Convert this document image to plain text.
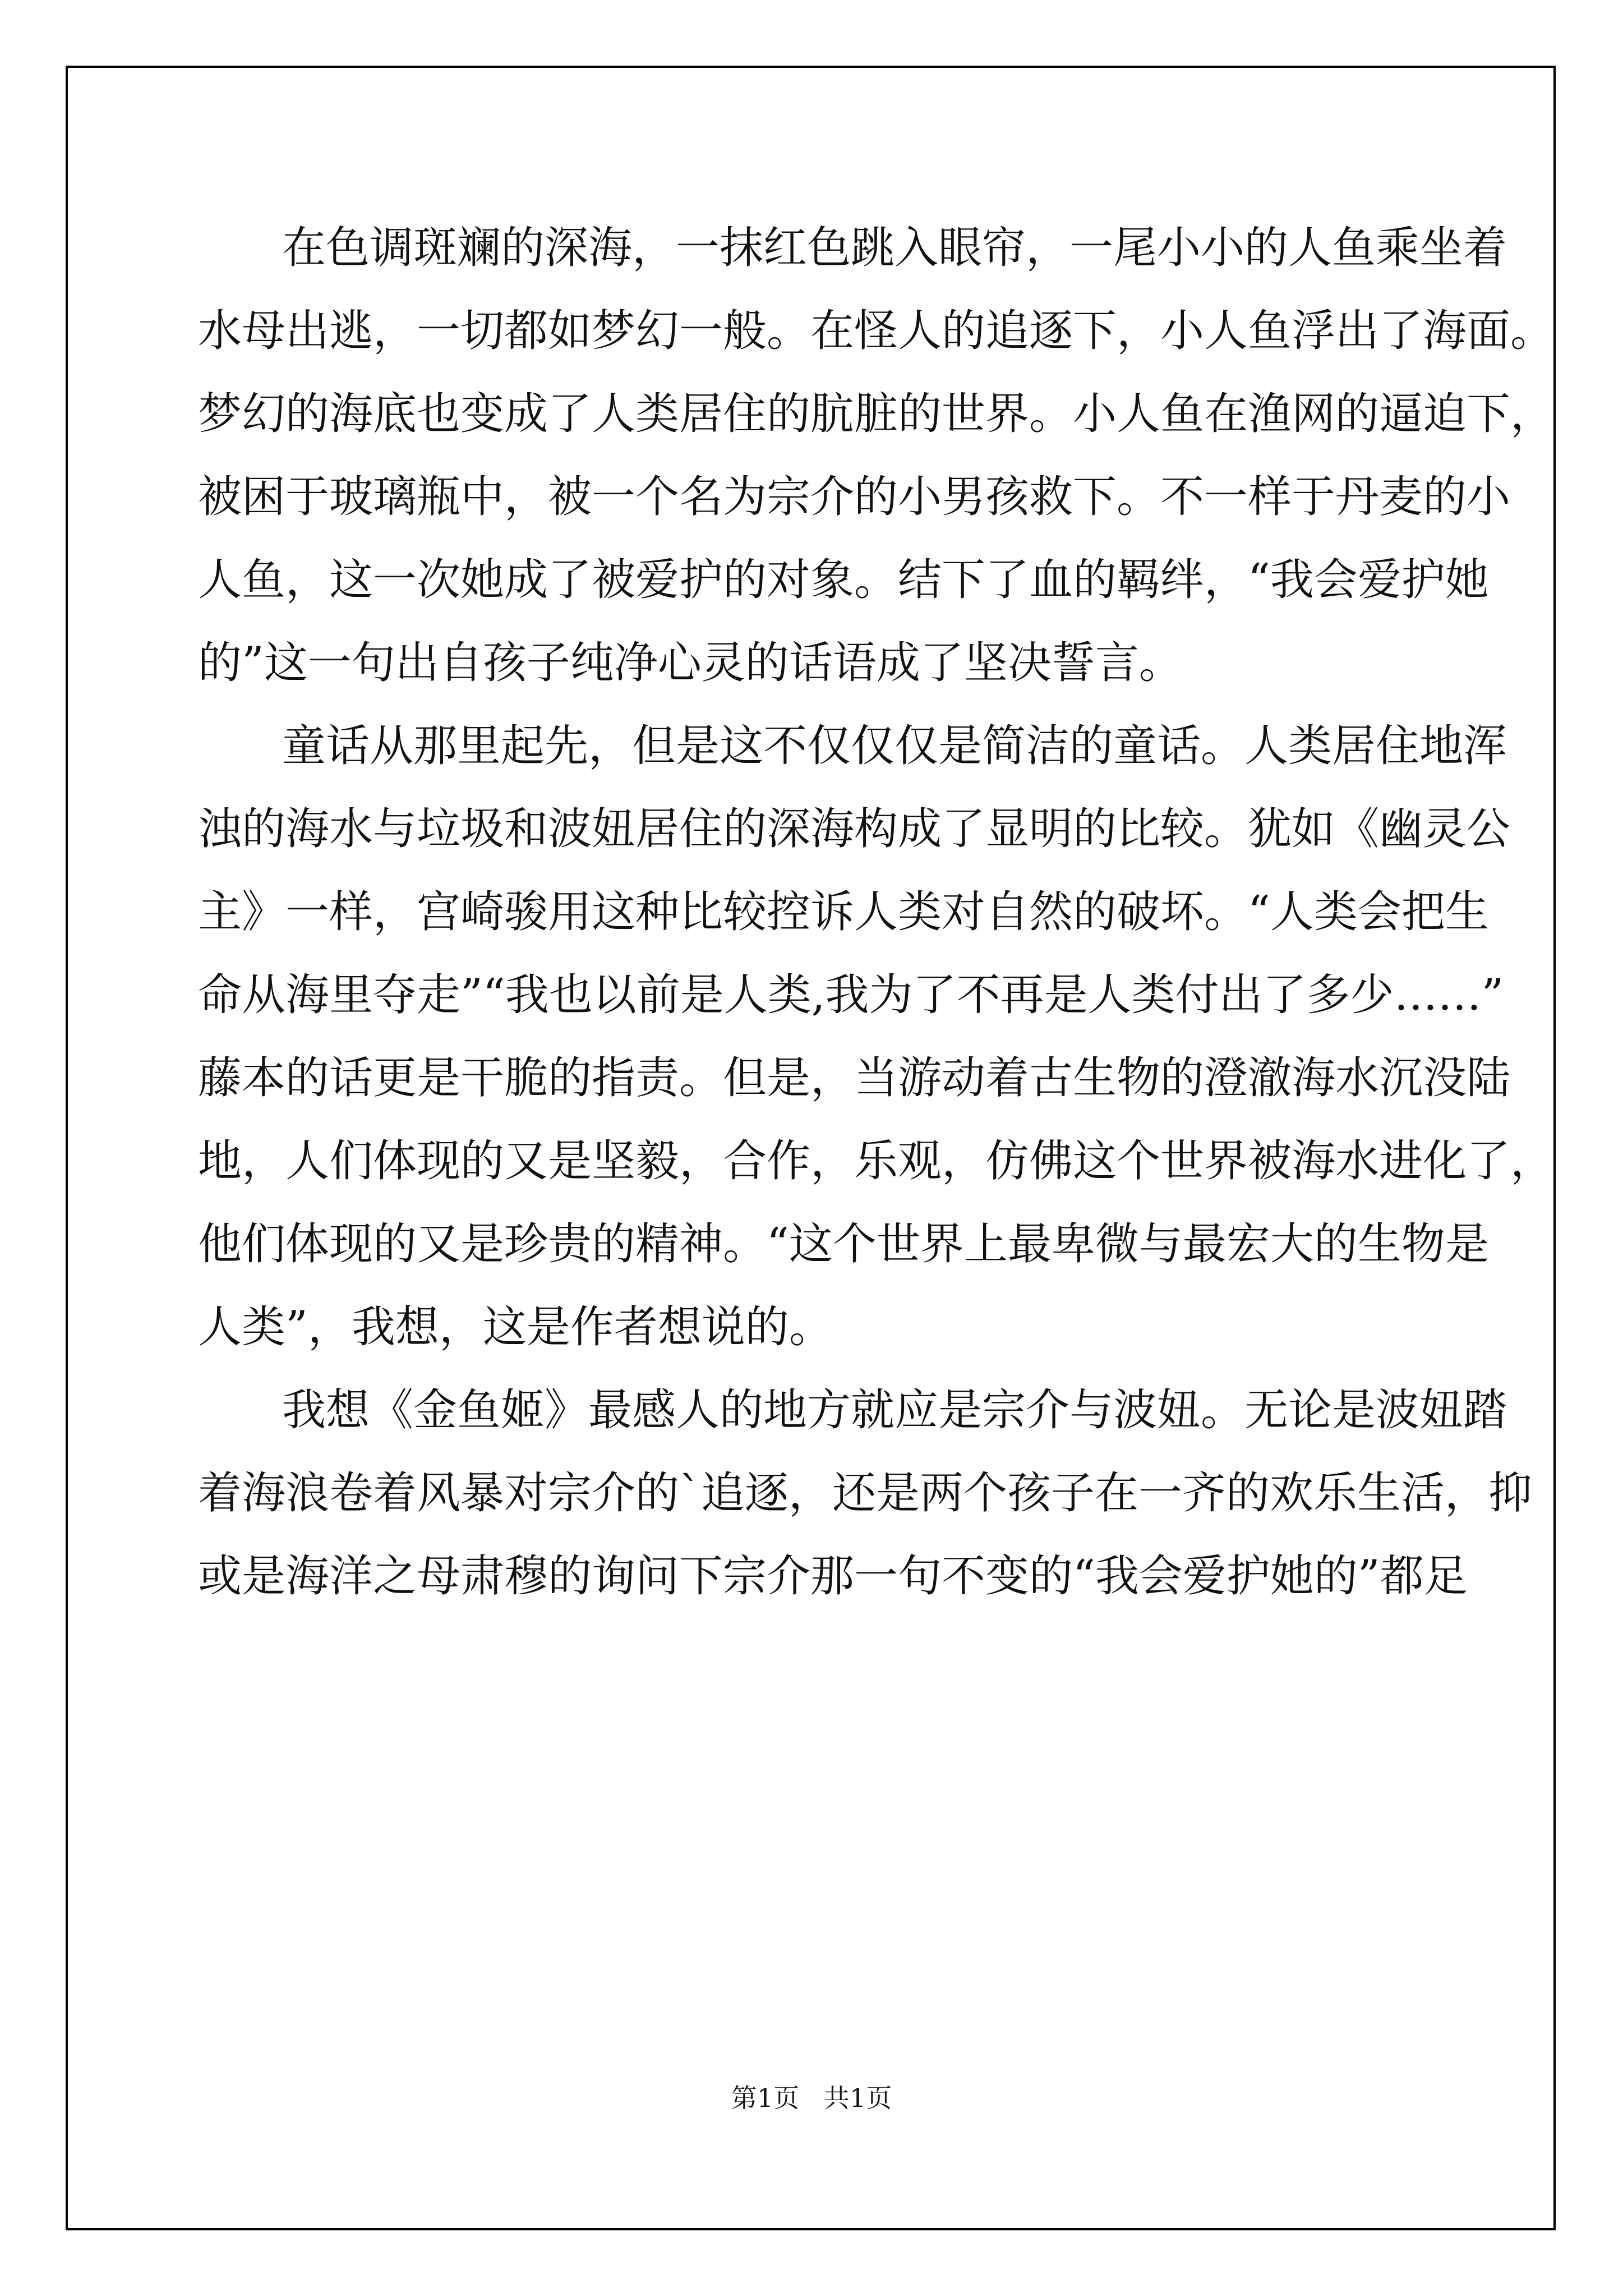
在色调斑斓的深海，一抹红色跳入眼帘，一尾小小的人鱼乘坐着

水母出逃，一切都如梦幻一般。在怪人的追逐下，小人鱼浮出了海面。

梦幻的海底也变成了人类居住的肮脏的世界。小人鱼在渔网的逼迫下，

被困于玻璃瓶中，被一个名为宗介的小男孩救下。不一样于丹麦的小

人鱼，这一次她成了被爱护的对象。结下了血的羁绊，“我会爱护她

的”这一句出自孩子纯净心灵的话语成了坚决誓言。

童话从那里起先，但是这不仅仅仅是简洁的童话。人类居住地浑

浊的海水与垃圾和波妞居住的深海构成了显明的比较。犹如《幽灵公

主》一样，宫崎骏用这种比较控诉人类对自然的破坏。“人类会把生

命从海里夺走”“我也以前是人类,我为了不再是人类付出了多少……”

藤本的话更是干脆的指责。但是，当游动着古生物的澄澈海水沉没陆

地，人们体现的又是坚毅，合作，乐观，仿佛这个世界被海水进化了，

他们体现的又是珍贵的精神。“这个世界上最卑微与最宏大的生物是

人类”，我想，这是作者想说的。

我想《金鱼姬》最感人的地方就应是宗介与波妞。无论是波妞踏

着海浪卷着风暴对宗介的`追逐，还是两个孩子在一齐的欢乐生活，抑

或是海洋之母肃穆的询问下宗介那一句不变的“我会爱护她的”都足

第1页   共1页
